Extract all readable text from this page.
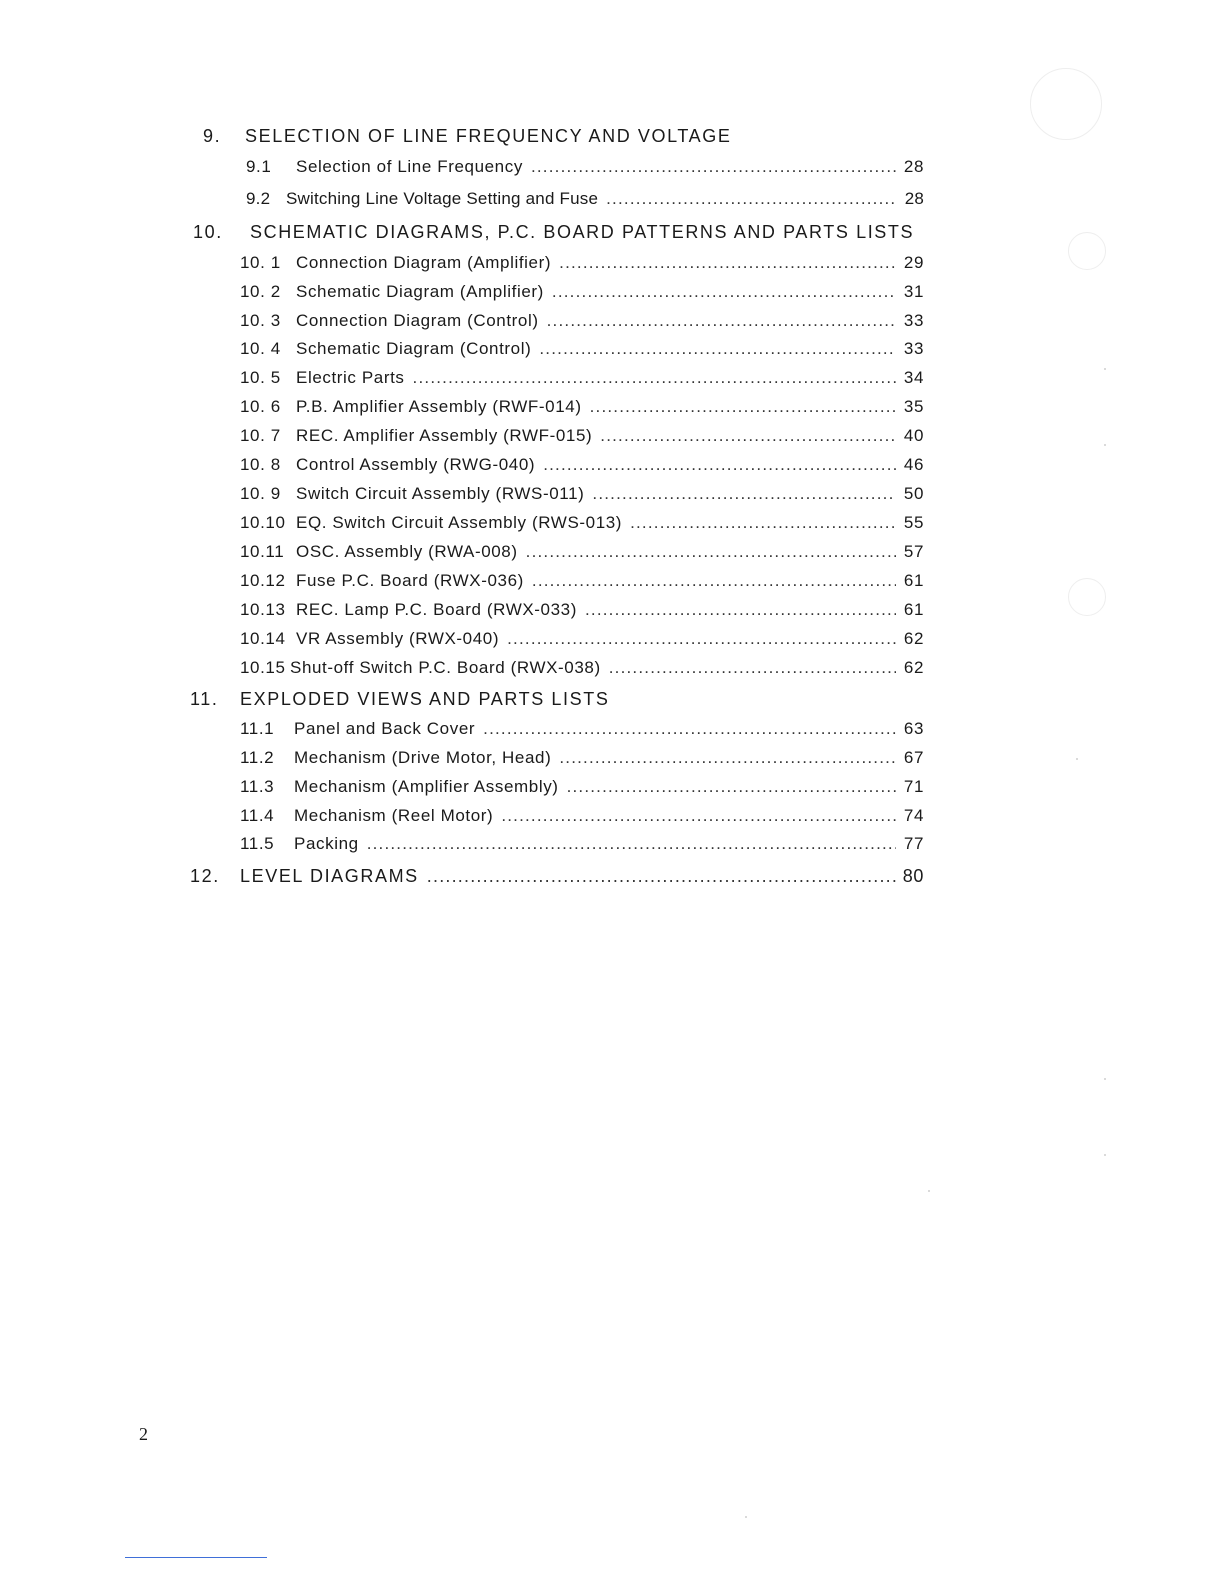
9. SELECTION OF LINE FREQUENCY AND VOLTAGE
9.1	Selection of Line Frequency .....	28
9.2 Switching Line Voltage Setting and Fuse .....	28
10. SCHEMATIC DIAGRAMS, P.C. BOARD PATTERNS AND PARTS LISTS
10. 1 Connection Diagram (Amplifier) .....	29
10. 2 Schematic Diagram (Amplifier) .....	31
10. 3 Connection Diagram (Control) .....	33
10. 4 Schematic Diagram (Control) .....	33
10. 5 Electric Parts .....	34
10. 6 P.B. Amplifier Assembly (RWF-014) .....	35
10. 7 REC. Amplifier Assembly (RWF-015) .....	40
10. 8 Control Assembly (RWG-040) .....	46
10. 9 Switch Circuit Assembly (RWS-011) .....	50
10.10 EQ. Switch Circuit Assembly (RWS-013) .....	55
10.11 OSC. Assembly (RWA-008) .....	57
10.12 Fuse P.C. Board (RWX-036) .....	61
10.13 REC. Lamp P.C. Board (RWX-033) .....	61
10.14 VR Assembly (RWX-040) .....	62
10.15 Shut-off Switch P.C. Board (RWX-038) .....	62
11. EXPLODED VIEWS AND PARTS LISTS
11.1	Panel and Back Cover .....	63
11.2	Mechanism (Drive Motor, Head) .....	67
11.3	Mechanism (Amplifier Assembly) .....	71
11.4	Mechanism (Reel Motor) .....	74
11.5	Packing .....	77
12.	LEVEL DIAGRAMS .....	80
2
